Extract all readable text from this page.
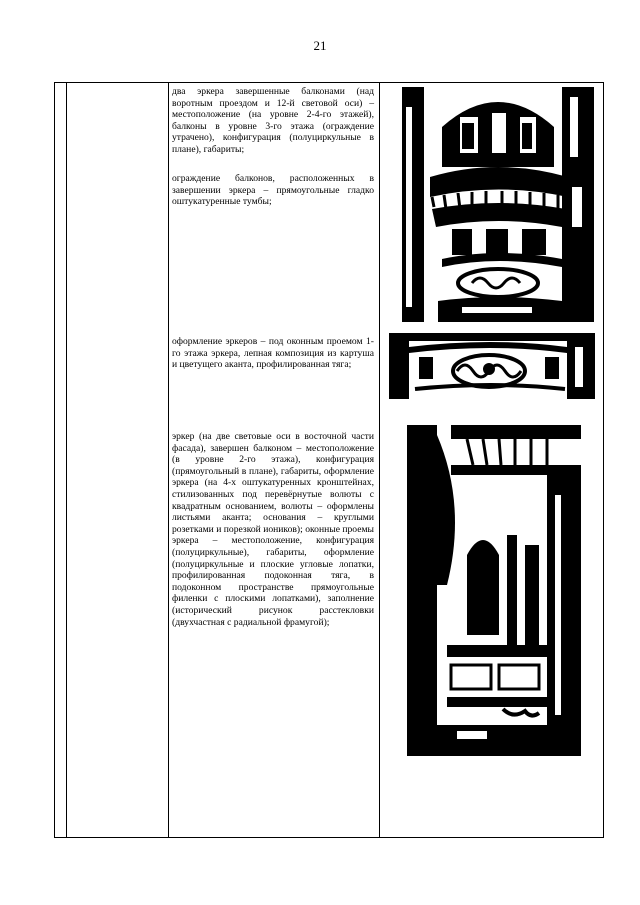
21

два эркера завершенные балконами (над воротным проездом и 12-й световой оси) – местоположение (на уровне 2-4-го этажей), балконы в уровне 3-го этажа (ограждение утрачено), конфигурация (полуциркульные в плане), габариты;

ограждение балконов, расположенных в завершении эркера – прямоугольные гладко оштукатуренные тумбы;

оформление эркеров – под оконным проемом 1-го этажа эркера, лепная композиция из картуша и цветущего аканта, профилированная тяга;

эркер (на две световые оси в восточной части фасада), завершен балконом – местоположение (в уровне 2-го этажа), конфигурация (прямоугольный в плане), габариты, оформление эркера (на 4-х оштукатуренных кронштейнах, стилизованных под перевёрнутые волюты с квадратным основанием, волюты – оформлены листьями аканта; основания – круглыми розетками и порезкой иоников); оконные проемы эркера – местоположение, конфигурация (полуциркульные), габариты, оформление (полуциркульные и плоские угловые лопатки, профилированная подоконная тяга, в подоконном пространстве прямоугольные филенки с плоскими лопатками), заполнение (исторический рисунок расстекловки (двухчастная с радиальной фрамугой);
